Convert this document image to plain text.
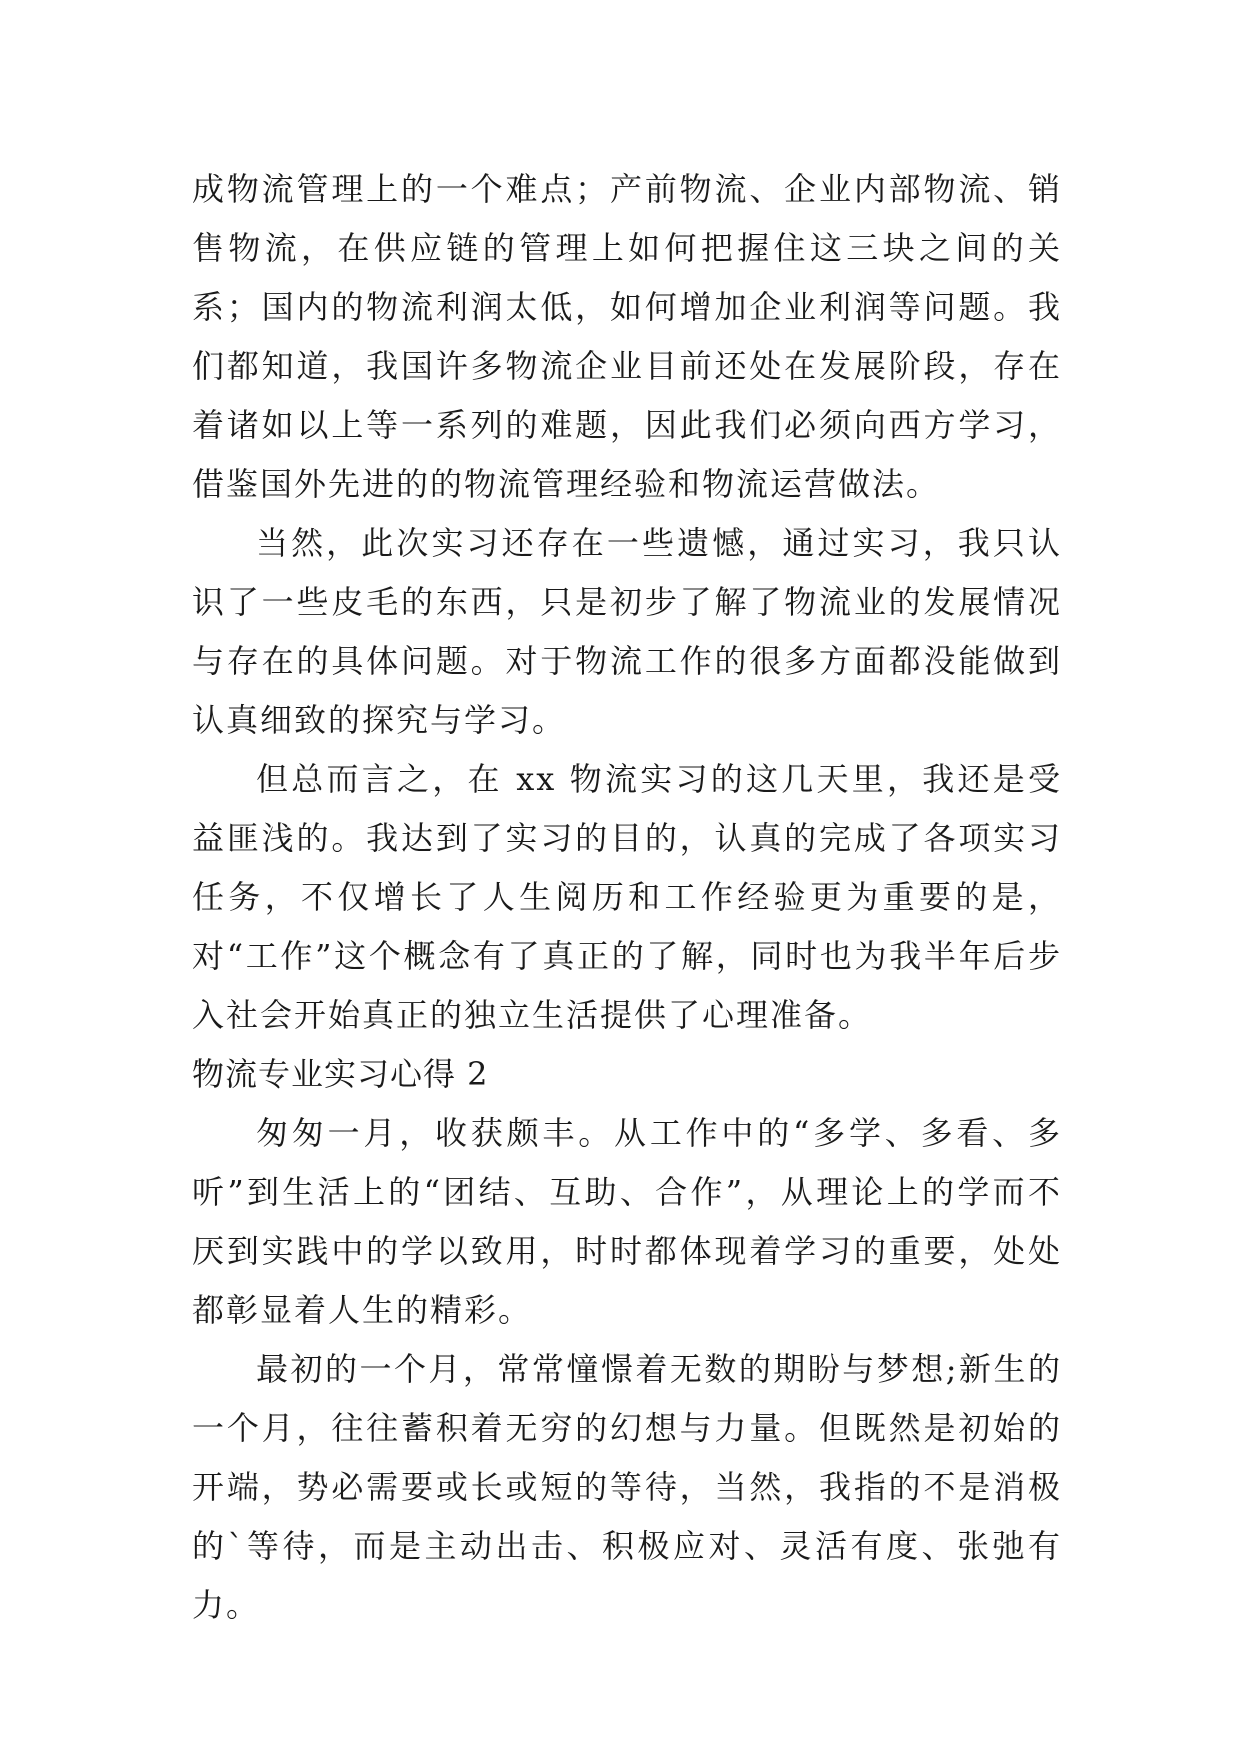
成物流管理上的一个难点；产前物流、企业内部物流、销售物流，在供应链的管理上如何把握住这三块之间的关系；国内的物流利润太低，如何增加企业利润等问题。我们都知道，我国许多物流企业目前还处在发展阶段，存在着诸如以上等一系列的难题，因此我们必须向西方学习，借鉴国外先进的的物流管理经验和物流运营做法。

当然，此次实习还存在一些遗憾，通过实习，我只认识了一些皮毛的东西，只是初步了解了物流业的发展情况与存在的具体问题。对于物流工作的很多方面都没能做到认真细致的探究与学习。

但总而言之，在 xx 物流实习的这几天里，我还是受益匪浅的。我达到了实习的目的，认真的完成了各项实习任务，不仅增长了人生阅历和工作经验更为重要的是，对“工作”这个概念有了真正的了解，同时也为我半年后步入社会开始真正的独立生活提供了心理准备。

物流专业实习心得 2

匆匆一月，收获颇丰。从工作中的“多学、多看、多听”到生活上的“团结、互助、合作”，从理论上的学而不厌到实践中的学以致用，时时都体现着学习的重要，处处都彰显着人生的精彩。

最初的一个月，常常憧憬着无数的期盼与梦想;新生的一个月，往往蓄积着无穷的幻想与力量。但既然是初始的开端，势必需要或长或短的等待，当然，我指的不是消极的`等待，而是主动出击、积极应对、灵活有度、张弛有力。
